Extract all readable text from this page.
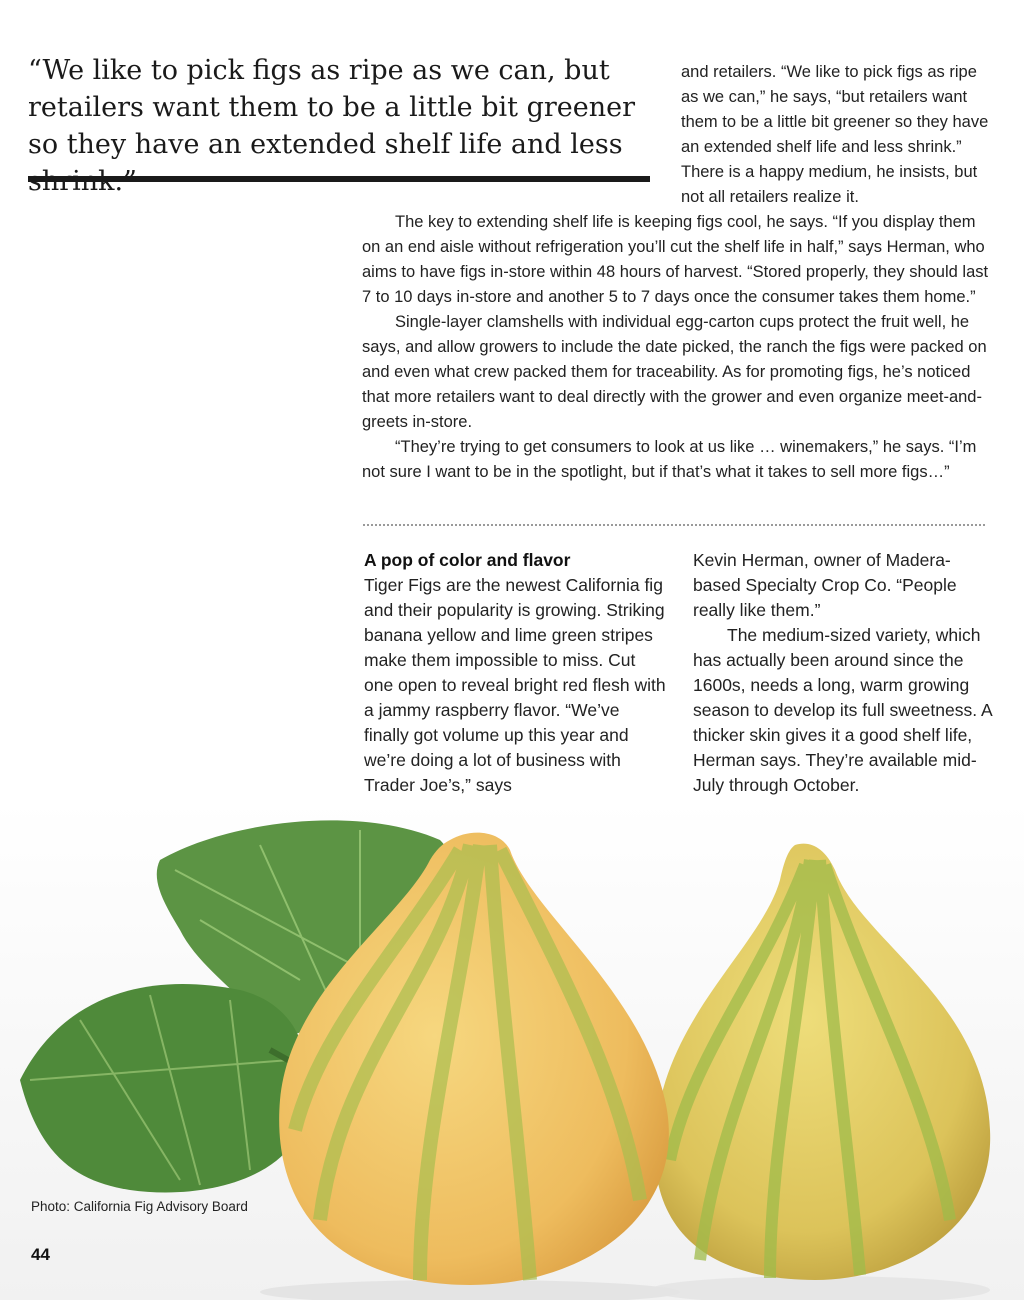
“We like to pick figs as ripe as we can, but retailers want them to be a little bit greener so they have an extended shelf life and less

and retailers. “We like to pick figs as ripe as we can,” he says, “but retailers want them to be a little bit greener so they have an extended shelf life and less shrink.” There is a happy medium, he insists, but not all retailers realize it.

The key to extending shelf life is keeping figs cool, he says. “If you display them on an end aisle without refrigeration you’ll cut the shelf life in half,” says Herman, who aims to have figs in-store within 48 hours of harvest. “Stored properly, they should last 7 to 10 days in-store and another 5 to 7 days once the consumer takes them home.”

Single-layer clamshells with individual egg-carton cups protect the fruit well, he says, and allow growers to include the date picked, the ranch the figs were packed on and even what crew packed them for traceability. As for promoting figs, he’s noticed that more retailers want to deal directly with the grower and even organize meet-and-greets in-store.

“They’re trying to get consumers to look at us like … winemakers,” he says. “I’m not sure I want to be in the spotlight, but if that’s what it takes to sell more figs…”

A pop of color and flavor

Tiger Figs are the newest California fig and their popularity is growing. Striking banana yellow and lime green stripes make them impossible to miss. Cut one open to reveal bright red flesh with a jammy raspberry flavor. “We’ve finally got volume up this year and we’re doing a lot of business with Trader Joe’s,” says

Kevin Herman, owner of Madera-based Specialty Crop Co. “People really like them.”

The medium-sized variety, which has actually been around since the 1600s, needs a long, warm growing season to develop its full sweetness. A thicker skin gives it a good shelf life, Herman says. They’re available mid-July through October.

Photo: California Fig Advisory Board
44
